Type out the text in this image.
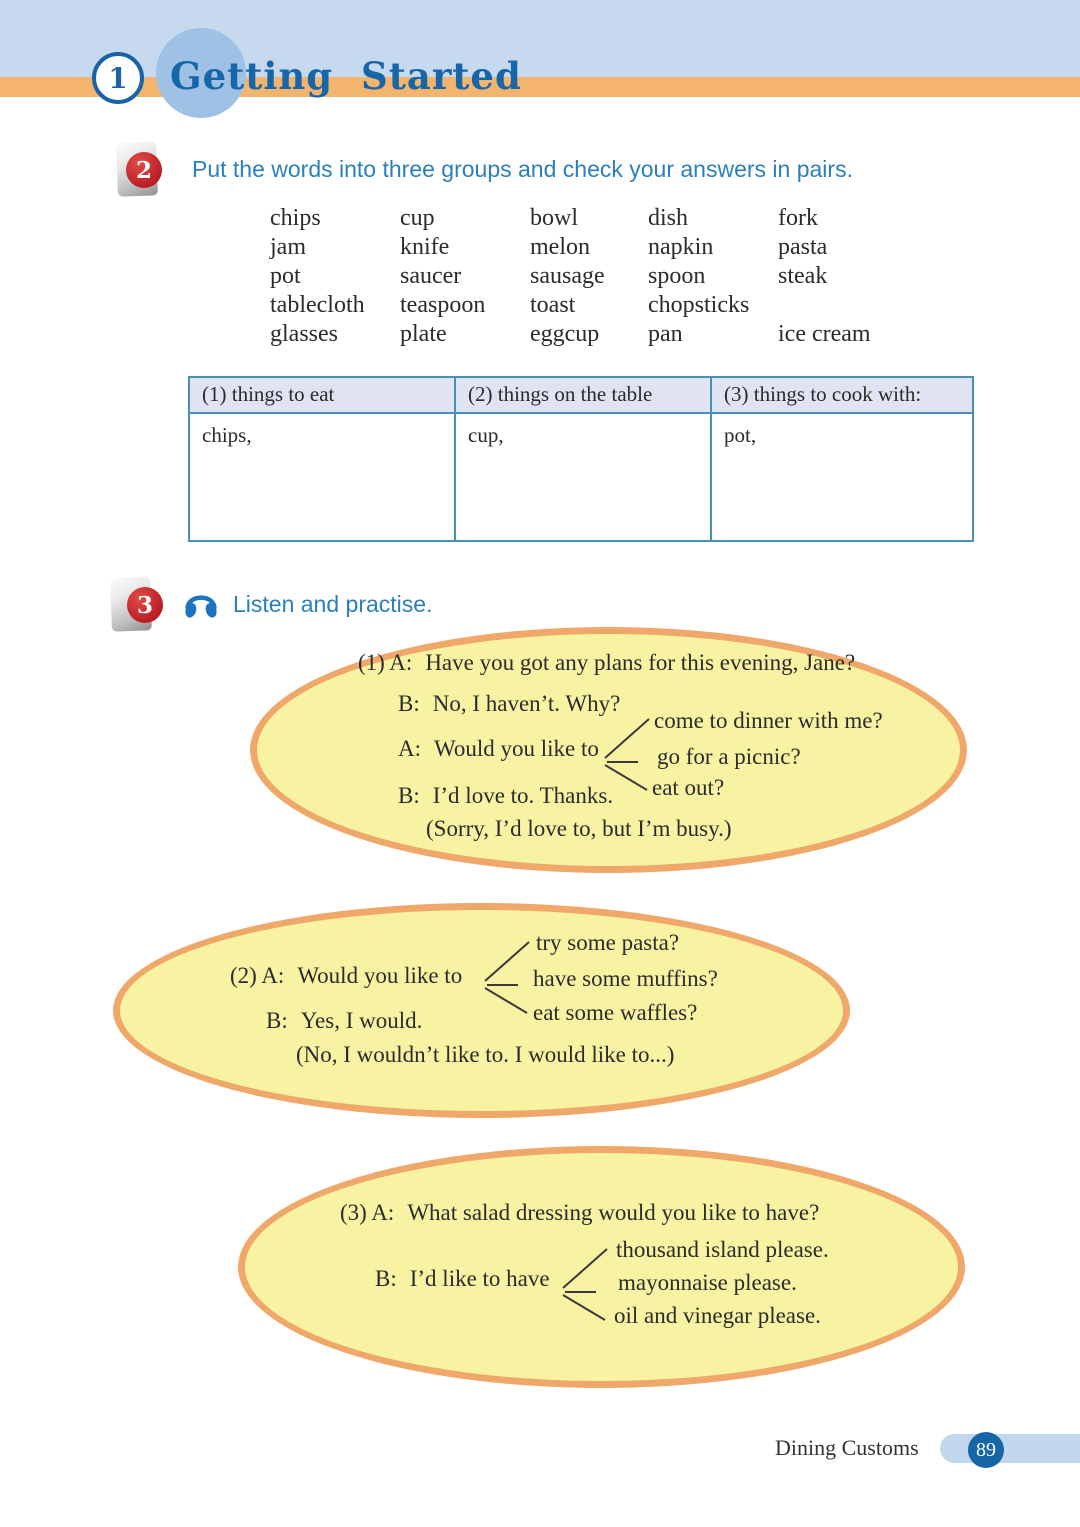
1 Getting Started
2 Put the words into three groups and check your answers in pairs.
chips	cup	bowl	dish	fork
jam	knife	melon	napkin	pasta
pot	saucer	sausage	spoon	steak
tablecloth	teaspoon	toast	chopsticks
glasses	plate	eggcup	pan	ice cream
(1) things to eat	(2) things on the table	(3) things to cook with:
chips,	cup,	pot,
3	Listen and practise.
(1) A: Have you got any plans for this evening, Jane?
B: No, I haven’t. Why?
A: Would you like to
come to dinner with me?
go for a picnic?
eat out?
B: I’d love to. Thanks.
(Sorry, I’d love to, but I’m busy.)
try some pasta?
(2) A: Would you like to	have some muffins?
eat some waffles?
B: Yes, I would.
(No, I wouldn’t like to. I would like to...)
(3) A: What salad dressing would you like to have?
thousand island please.
B: I’d like to have	mayonnaise please.
oil and vinegar please.
Dining Customs	89
